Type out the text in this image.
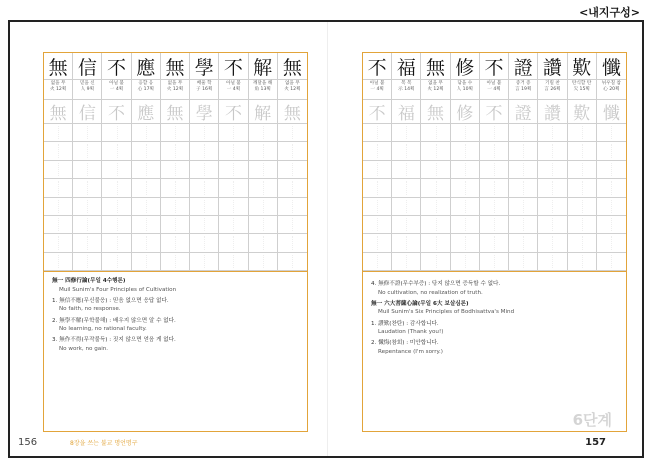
<내지구성>
無 信 不 應 無 學 不 解 無
없을 무
火 12획
믿을 신
人 9획
아닐 불
一 4획
응할 응
心 17획
없을 무
火 12획
배울 학
子 16획
아닐 불
一 4획
깨달을 해
角 13획
없을 무
火 12획
無 信 不 應 無 學 不 解 無
無一 四修行論(무일 4수행론)
Muil Sunim's Four Principles of Cultivation
1. 無信不應(무신불응) : 믿음 없으면 응답 없다.
No faith, no response.
2. 無學不解(무학불해) : 배우지 않으면 알 수 없다.
No learning, no rational faculty.
3. 無作不得(무작불득) : 짓지 않으면 얻음 게 없다.
No work, no gain.
156	8장을 쓰는 불교 명언명구
不 福 無 修 不 證 讚 歎 懺
아닐 불
一 4획
복 복
示 14획
없을 무
火 12획
닦을 수
人 10획
아닐 불
一 4획
증거 증
言 19획
기릴 찬
言 26획
탄식할 탄
欠 15획
뉘우칠 참
心 20획
不 福 無 修 不 證 讚 歎 懺
4. 無修不證(무수부증) : 닦지 않으면 증득할 수 없다.
No cultivation, no realization of truth.
無一 六大菩薩心論(무일 6大 보살심론)
Muil Sunim's Six Principles of Bodhisattva's Mind
1. 讚歎(찬탄) : 감사합니다.
Laudation (Thank you!)
2. 懺悔(참회) : 미안합니다.
Repentance (I'm sorry.)
6단계
157
